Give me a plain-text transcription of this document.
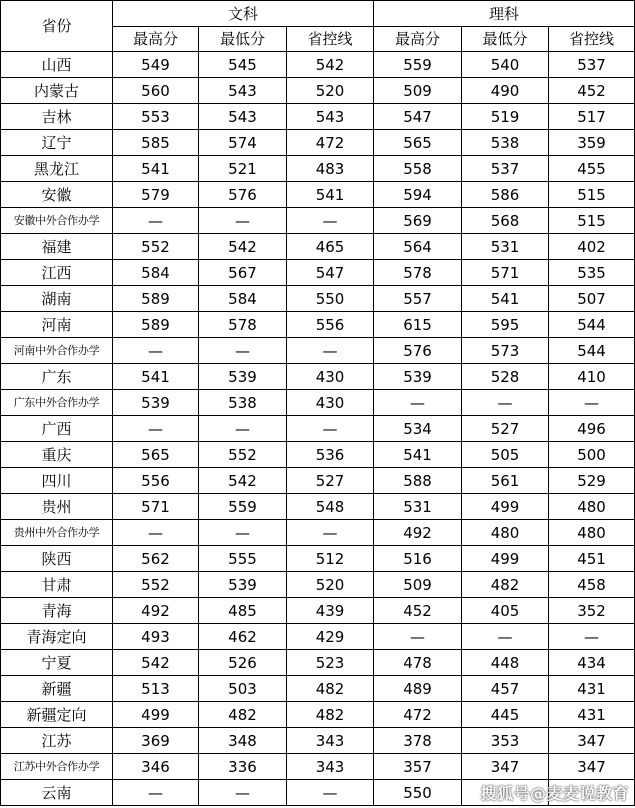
省份	文科			理科		
	最高分	最低分	省控线	最高分	最低分	省控线
山西	549	545	542	559	540	537
内蒙古	560	543	520	509	490	452
吉林	553	543	543	547	519	517
辽宁	585	574	472	565	538	359
黑龙江	541	521	483	558	537	455
安徽	579	576	541	594	586	515
安徽中外合作办学	—	—	—	569	568	515
福建	552	542	465	564	531	402
江西	584	567	547	578	571	535
湖南	589	584	550	557	541	507
河南	589	578	556	615	595	544
河南中外合作办学	—	—	—	576	573	544
广东	541	539	430	539	528	410
广东中外合作办学	539	538	430	—	—	—
广西	—	—	—	534	527	496
重庆	565	552	536	541	505	500
四川	556	542	527	588	561	529
贵州	571	559	548	531	499	480
贵州中外合作办学	—	—	—	492	480	480
陕西	562	555	512	516	499	451
甘肃	552	539	520	509	482	458
青海	492	485	439	452	405	352
青海定向	493	462	429	—	—	—
宁夏	542	526	523	478	448	434
新疆	513	503	482	489	457	431
新疆定向	499	482	482	472	445	431
江苏	369	348	343	378	353	347
江苏中外合作办学	346	336	343	357	347	347
云南	—	—	—	550			搜狐号@麦麦说教育
